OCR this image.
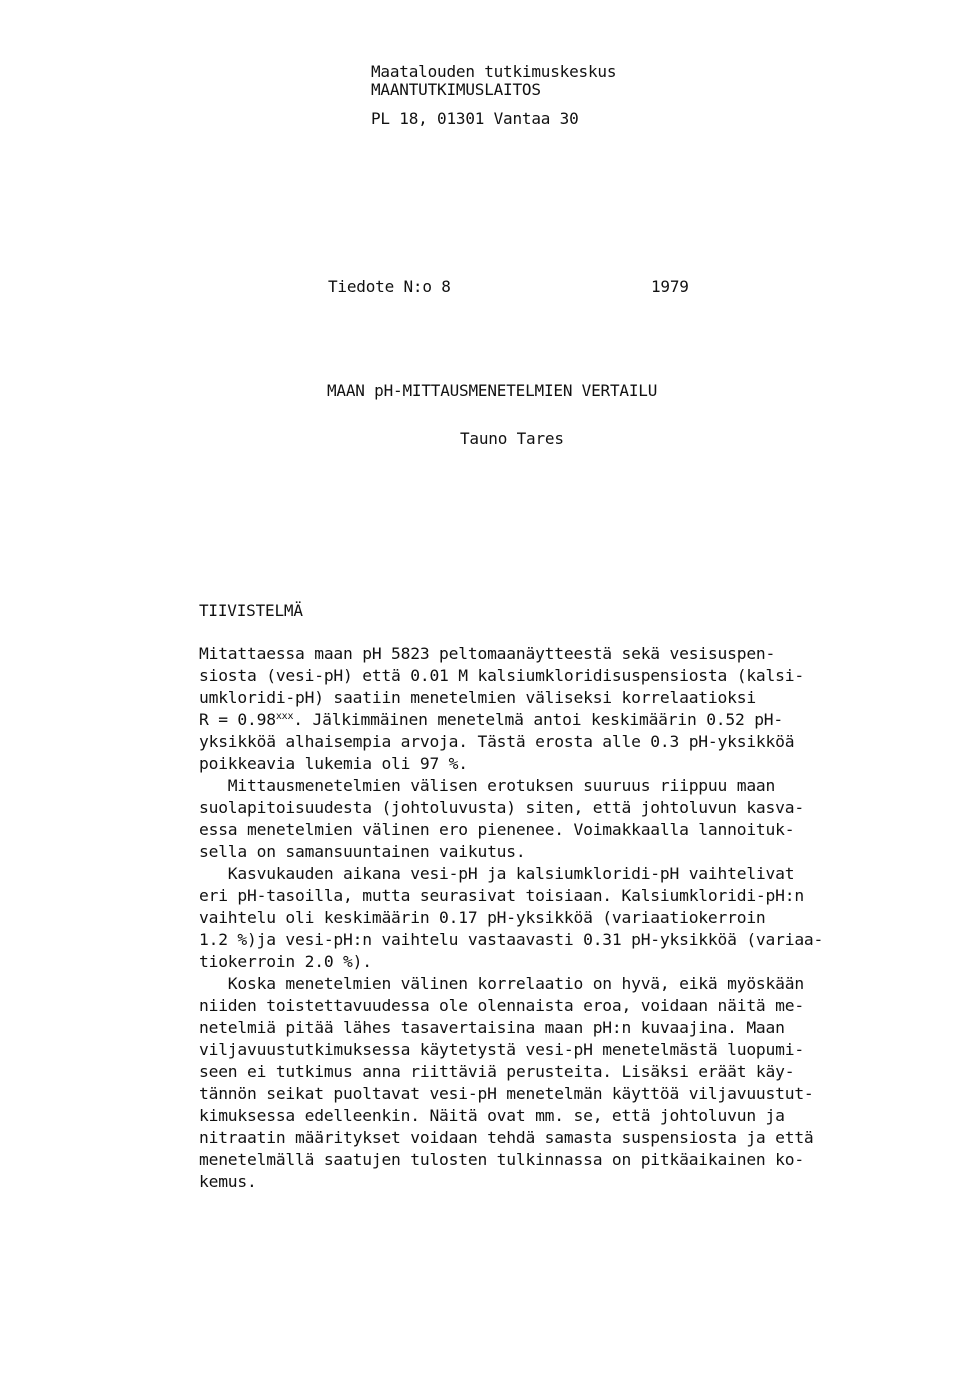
Maatalouden tutkimuskeskus
MAANTUTKIMUSLAITOS
PL 18, 01301 Vantaa 30
Tiedote N:o 8	1979
MAAN pH-MITTAUSMENETELMIEN VERTAILU
Tauno Tares
TIIVISTELMÄ
Mitattaessa maan pH 5823 peltomaanäytteestä sekä vesisuspen-
siosta (vesi-pH) että 0.01 M kalsiumkloridisuspensiosta (kalsi-
umkloridi-pH) saatiin menetelmien väliseksi korrelaatioksi
$R = 0.98^{xxx}$. Jälkimmäinen menetelmä antoi keskimäärin 0.52 pH-
yksikköä alhaisempia arvoja. Tästä erosta alle 0.3 pH-yksikköä
poikkeavia lukemia oli 97 %.
Mittausmenetelmien välisen erotuksen suuruus riippuu maan
suolapitoisuudesta (johtoluvusta) siten, että johtoluvun kasva-
essa menetelmien välinen ero pienenee. Voimakkaalla lannoituk-
sella on samansuuntainen vaikutus.
Kasvukauden aikana vesi-pH ja kalsiumkloridi-pH vaihtelivat
eri pH-tasoilla, mutta seurasivat toisiaan. Kalsiumkloridi-pH:n
vaihtelu oli keskimäärin 0.17 pH-yksikköä (variaatiokerroin
1.2 %)ja vesi-pH:n vaihtelu vastaavasti 0.31 pH-yksikköä (variaa-
tiokerroin 2.0 %).
Koska menetelmien välinen korrelaatio on hyvä, eikä myöskään
niiden toistettavuudessa ole olennaista eroa, voidaan näitä me-
netelmiä pitää lähes tasavertaisina maan pH:n kuvaajina. Maan
viljavuustutkimuksessa käytetystä vesi-pH menetelmästä luopumi-
seen ei tutkimus anna riittäviä perusteita. Lisäksi eräät käy-
tännön seikat puoltavat vesi-pH menetelmän käyttöä viljavuustut-
kimuksessa edelleenkin. Näitä ovat mm. se, että johtoluvun ja
nitraatin määritykset voidaan tehdä samasta suspensiosta ja että
menetelmällä saatujen tulosten tulkinnassa on pitkäaikainen ko-
kemus.
